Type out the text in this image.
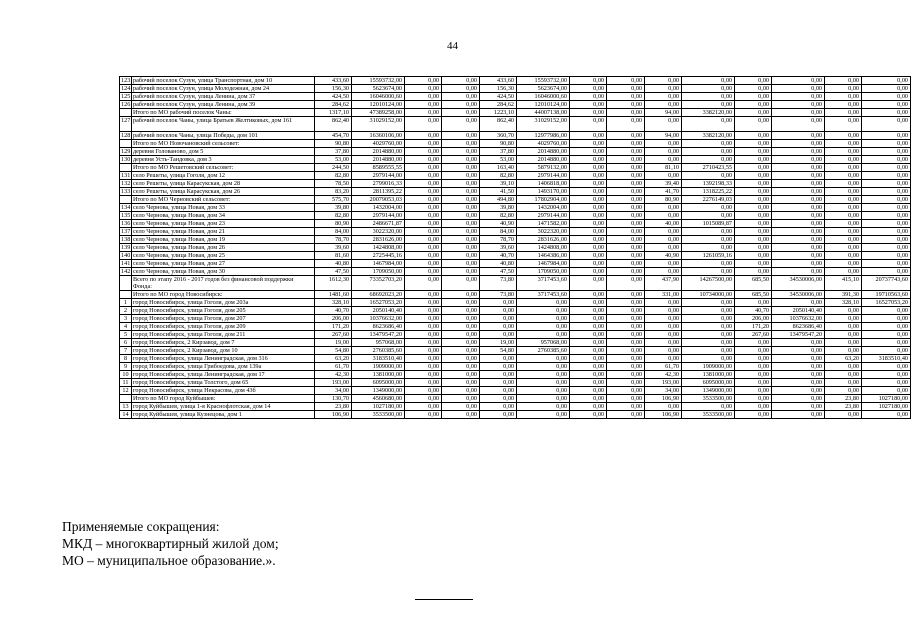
44
123	рабочий поселок Сузун, улица Транспортная, дом 10	433,60	15593732,00	0,00	0,00	433,60	15593732,00	0,00	0,00	0,00	0,00	0,00	0,00	0,00	0,00
124	рабочий поселок Сузун, улица Молодежная, дом 24	156,30	5623674,00	0,00	0,00	156,30	5623674,00	0,00	0,00	0,00	0,00	0,00	0,00	0,00	0,00
125	рабочий поселок Сузун, улица Ленина, дом 37	424,50	16046000,60	0,00	0,00	424,50	16046000,60	0,00	0,00	0,00	0,00	0,00	0,00	0,00	0,00
126	рабочий поселок Сузун, улица Ленина, дом 39	284,62	12010124,00	0,00	0,00	284,62	12010124,00	0,00	0,00	0,00	0,00	0,00	0,00	0,00	0,00
	Итого по МО рабочий поселок Чаны:	1317,10	47389258,00	0,00	0,00	1223,10	44007138,00	0,00	0,00	94,00	3382120,00	0,00	0,00	0,00	0,00
127	рабочий поселок Чаны, улица Братьев Желтиковых, дом 161	862,40	31029152,00	0,00	0,00	862,40	31029152,00	0,00	0,00	0,00	0,00	0,00	0,00	0,00	0,00
128	рабочий поселок Чаны, улица Победы, дом 101	454,70	16360106,00	0,00	0,00	360,70	12977986,00	0,00	0,00	94,00	3382120,00	0,00	0,00	0,00	0,00
	Итого по МО Новочановский сельсовет:	90,80	4029760,00	0,00	0,00	90,80	4029760,00	0,00	0,00	0,00	0,00	0,00	0,00	0,00	0,00
129	деревня Голованово, дом 5	37,80	2014880,00	0,00	0,00	37,80	2014880,00	0,00	0,00	0,00	0,00	0,00	0,00	0,00	0,00
130	деревня Усть-Тандовка, дом 3	53,00	2014880,00	0,00	0,00	53,00	2014880,00	0,00	0,00	0,00	0,00	0,00	0,00	0,00	0,00
	Итого по МО Решетовский сельсовет:	244,50	8589555,55	0,00	0,00	163,40	5879132,00	0,00	0,00	81,10	2710423,55	0,00	0,00	0,00	0,00
131	село Решеты, улица Гоголя, дом 12	82,80	2979144,00	0,00	0,00	82,80	2979144,00	0,00	0,00	0,00	0,00	0,00	0,00	0,00	0,00
132	село Решеты, улица Карасукская, дом 28	78,50	2799016,33	0,00	0,00	39,10	1406818,00	0,00	0,00	39,40	1392198,33	0,00	0,00	0,00	0,00
133	село Решеты, улица Карасукская, дом 26	83,20	2811395,22	0,00	0,00	41,50	1493170,00	0,00	0,00	41,70	1318225,22	0,00	0,00	0,00	0,00
	Итого по МО Черновский сельсовет:	575,70	20079053,03	0,00	0,00	494,80	17802904,00	0,00	0,00	80,90	2276149,03	0,00	0,00	0,00	0,00
134	село Чернова, улица Новая, дом 33	39,80	1432004,00	0,00	0,00	39,80	1432004,00	0,00	0,00	0,00	0,00	0,00	0,00	0,00	0,00
135	село Чернова, улица Новая, дом 34	82,80	2979144,00	0,00	0,00	82,80	2979144,00	0,00	0,00	0,00	0,00	0,00	0,00	0,00	0,00
136	село Чернова, улица Новая, дом 23	80,90	2486671,87	0,00	0,00	40,90	1471582,00	0,00	0,00	40,00	1015089,87	0,00	0,00	0,00	0,00
137	село Чернова, улица Новая, дом 21	84,00	3022320,00	0,00	0,00	84,00	3022320,00	0,00	0,00	0,00	0,00	0,00	0,00	0,00	0,00
138	село Чернова, улица Новая, дом 19	78,70	2831626,00	0,00	0,00	78,70	2831626,00	0,00	0,00	0,00	0,00	0,00	0,00	0,00	0,00
139	село Чернова, улица Новая, дом 26	39,60	1424808,00	0,00	0,00	39,60	1424808,00	0,00	0,00	0,00	0,00	0,00	0,00	0,00	0,00
140	село Чернова, улица Новая, дом 25	81,60	2725445,16	0,00	0,00	40,70	1464386,00	0,00	0,00	40,90	1261059,16	0,00	0,00	0,00	0,00
141	село Чернова, улица Новая, дом 27	40,80	1467984,00	0,00	0,00	40,80	1467984,00	0,00	0,00	0,00	0,00	0,00	0,00	0,00	0,00
142	село Чернова, улица Новая, дом 30	47,50	1709050,00	0,00	0,00	47,50	1709050,00	0,00	0,00	0,00	0,00	0,00	0,00	0,00	0,00
	Всего по этапу 2016 - 2017 годов без финансовой поддержки Фонда:	1612,30	73352703,20	0,00	0,00	73,80	3717453,60	0,00	0,00	437,90	14267500,00	685,50	34530006,00	415,10	20737743,60
	Итого по МО город Новосибирск:	1481,60	68692023,20	0,00	0,00	73,80	3717453,60	0,00	0,00	331,00	10734000,00	685,50	34530006,00	391,30	19710563,60
1	город Новосибирск, улица Гоголя, дом 203а	328,10	16527053,20	0,00	0,00	0,00	0,00	0,00	0,00	0,00	0,00	0,00	0,00	328,10	16527053,20
2	город Новосибирск, улица Гоголя, дом 205	40,70	2050140,40	0,00	0,00	0,00	0,00	0,00	0,00	0,00	0,00	40,70	2050140,40	0,00	0,00
3	город Новосибирск, улица Гоголя, дом 207	206,00	10376632,00	0,00	0,00	0,00	0,00	0,00	0,00	0,00	0,00	206,00	10376632,00	0,00	0,00
4	город Новосибирск, улица Гоголя, дом 209	171,20	8623686,40	0,00	0,00	0,00	0,00	0,00	0,00	0,00	0,00	171,20	8623686,40	0,00	0,00
5	город Новосибирск, улица Гоголя, дом 211	267,60	13479547,20	0,00	0,00	0,00	0,00	0,00	0,00	0,00	0,00	267,60	13479547,20	0,00	0,00
6	город Новосибирск, 2 Кирзавод, дом 7	19,00	957068,00	0,00	0,00	19,00	957068,00	0,00	0,00	0,00	0,00	0,00	0,00	0,00	0,00
7	город Новосибирск, 2 Кирзавод, дом 10	54,80	2760385,60	0,00	0,00	54,80	2760385,60	0,00	0,00	0,00	0,00	0,00	0,00	0,00	0,00
8	город Новосибирск, улица Ленинградская, дом 316	63,20	3183510,40	0,00	0,00	0,00	0,00	0,00	0,00	0,00	0,00	0,00	0,00	63,20	3183510,40
9	город Новосибирск, улица Грибоедова, дом 139а	61,70	1909000,00	0,00	0,00	0,00	0,00	0,00	0,00	61,70	1909000,00	0,00	0,00	0,00	0,00
10	город Новосибирск, улица Ленинградская, дом 17	42,30	1381000,00	0,00	0,00	0,00	0,00	0,00	0,00	42,30	1381000,00	0,00	0,00	0,00	0,00
11	город Новосибирск, улица Толстого, дом 65	193,00	6095000,00	0,00	0,00	0,00	0,00	0,00	0,00	193,00	6095000,00	0,00	0,00	0,00	0,00
12	город Новосибирск, улица Некрасова, дом 43б	34,00	1349000,00	0,00	0,00	0,00	0,00	0,00	0,00	34,00	1349000,00	0,00	0,00	0,00	0,00
	Итого по МО город Куйбышев:	130,70	4560680,00	0,00	0,00	0,00	0,00	0,00	0,00	106,90	3533500,00	0,00	0,00	23,80	1027180,00
13	город Куйбышев, улица 1-я Краснофлотская, дом 14	23,80	1027180,00	0,00	0,00	0,00	0,00	0,00	0,00	0,00	0,00	0,00	0,00	23,80	1027180,00
14	город Куйбышев, улица Кузнецова, дом 1	106,90	3533500,00	0,00	0,00	0,00	0,00	0,00	0,00	106,90	3533500,00	0,00	0,00	0,00	0,00
Применяемые сокращения:
МКД – многоквартирный жилой дом;
МО – муниципальное образование.».
